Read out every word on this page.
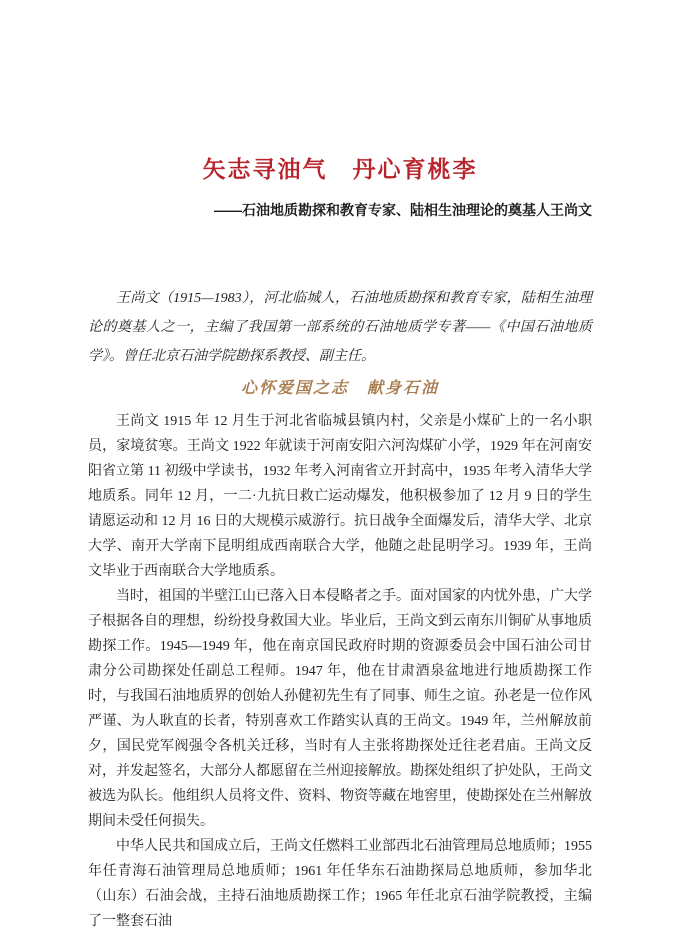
矢志寻油气　丹心育桃李
——石油地质勘探和教育专家、陆相生油理论的奠基人王尚文

王尚文（1915—1983），河北临城人，石油地质勘探和教育专家，陆相生油理论的奠基人之一，主编了我国第一部系统的石油地质学专著——《中国石油地质学》。曾任北京石油学院勘探系教授、副主任。

心怀爱国之志　献身石油

王尚文 1915 年 12 月生于河北省临城县镇内村，父亲是小煤矿上的一名小职员，家境贫寒。王尚文 1922 年就读于河南安阳六河沟煤矿小学，1929 年在河南安阳省立第 11 初级中学读书，1932 年考入河南省立开封高中，1935 年考入清华大学地质系。同年 12 月，一二·九抗日救亡运动爆发，他积极参加了 12 月 9 日的学生请愿运动和 12 月 16 日的大规模示威游行。抗日战争全面爆发后，清华大学、北京大学、南开大学南下昆明组成西南联合大学，他随之赴昆明学习。1939 年，王尚文毕业于西南联合大学地质系。

当时，祖国的半壁江山已落入日本侵略者之手。面对国家的内忧外患，广大学子根据各自的理想，纷纷投身救国大业。毕业后，王尚文到云南东川铜矿从事地质勘探工作。1945—1949 年，他在南京国民政府时期的资源委员会中国石油公司甘肃分公司勘探处任副总工程师。1947 年，他在甘肃酒泉盆地进行地质勘探工作时，与我国石油地质界的创始人孙健初先生有了同事、师生之谊。孙老是一位作风严谨、为人耿直的长者，特别喜欢工作踏实认真的王尚文。1949 年，兰州解放前夕，国民党军阀强令各机关迁移，当时有人主张将勘探处迁往老君庙。王尚文反对，并发起签名，大部分人都愿留在兰州迎接解放。勘探处组织了护处队，王尚文被选为队长。他组织人员将文件、资料、物资等藏在地窖里，使勘探处在兰州解放期间未受任何损失。

中华人民共和国成立后，王尚文任燃料工业部西北石油管理局总地质师；1955 年任青海石油管理局总地质师；1961 年任华东石油勘探局总地质师，参加华北（山东）石油会战，主持石油地质勘探工作；1965 年任北京石油学院教授，主编了一整套石油
